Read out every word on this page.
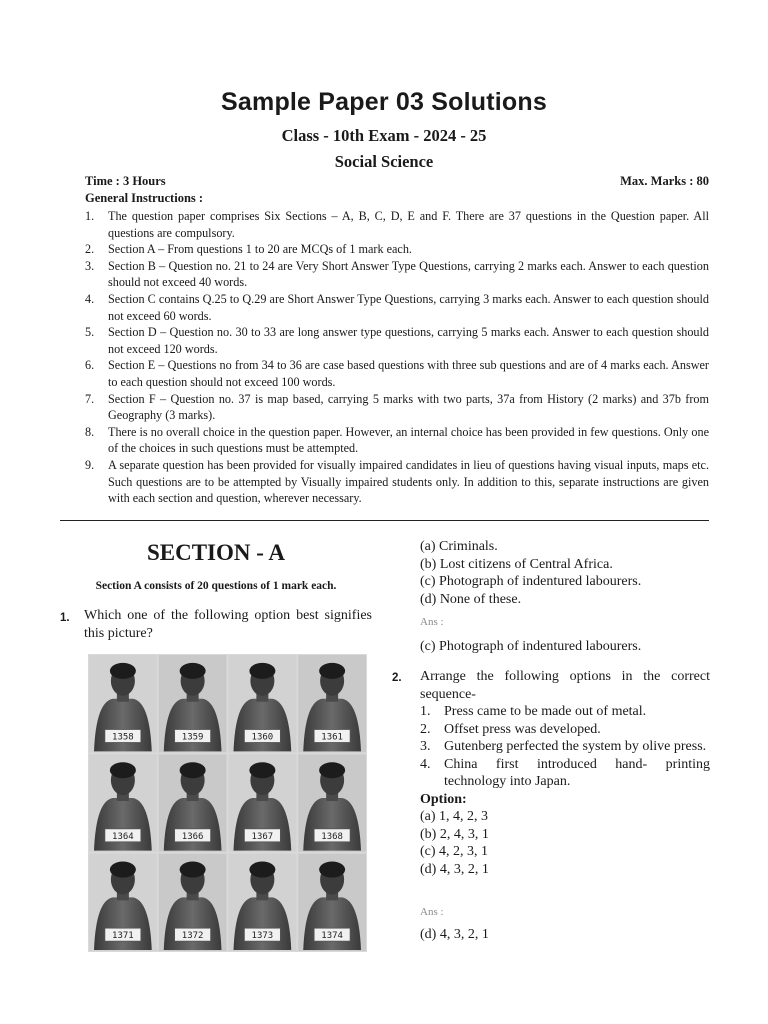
Sample Paper 03 Solutions
Class - 10th Exam - 2024 - 25
Social Science
Time : 3 Hours	Max. Marks : 80
General Instructions :
1. The question paper comprises Six Sections – A, B, C, D, E and F. There are 37 questions in the Question paper. All questions are compulsory.
2. Section A – From questions 1 to 20 are MCQs of 1 mark each.
3. Section B – Question no. 21 to 24 are Very Short Answer Type Questions, carrying 2 marks each. Answer to each question should not exceed 40 words.
4. Section C contains Q.25 to Q.29 are Short Answer Type Questions, carrying 3 marks each. Answer to each question should not exceed 60 words.
5. Section D – Question no. 30 to 33 are long answer type questions, carrying 5 marks each. Answer to each question should not exceed 120 words.
6. Section E – Questions no from 34 to 36 are case based questions with three sub questions and are of 4 marks each. Answer to each question should not exceed 100 words.
7. Section F – Question no. 37 is map based, carrying 5 marks with two parts, 37a from History (2 marks) and 37b from Geography (3 marks).
8. There is no overall choice in the question paper. However, an internal choice has been provided in few questions. Only one of the choices in such questions must be attempted.
9. A separate question has been provided for visually impaired candidates in lieu of questions having visual inputs, maps etc. Such questions are to be attempted by Visually impaired students only. In addition to this, separate instructions are given with each section and question, wherever necessary.
SECTION - A
Section A consists of 20 questions of 1 mark each.
1. Which one of the following option best signifies this picture?
1358	1359	1360	1361
1364	1366	1367	1368
1371	1372	1373	1374
(a) Criminals.
(b) Lost citizens of Central Africa.
(c) Photograph of indentured labourers.
(d) None of these.
Ans :
(c) Photograph of indentured labourers.
2. Arrange the following options in the correct sequence-
1. Press came to be made out of metal.
2. Offset press was developed.
3. Gutenberg perfected the system by olive press.
4. China first introduced hand- printing technology into Japan.
Option:
(a) 1, 4, 2, 3
(b) 2, 4, 3, 1
(c) 4, 2, 3, 1
(d) 4, 3, 2, 1
Ans :
(d) 4, 3, 2, 1
